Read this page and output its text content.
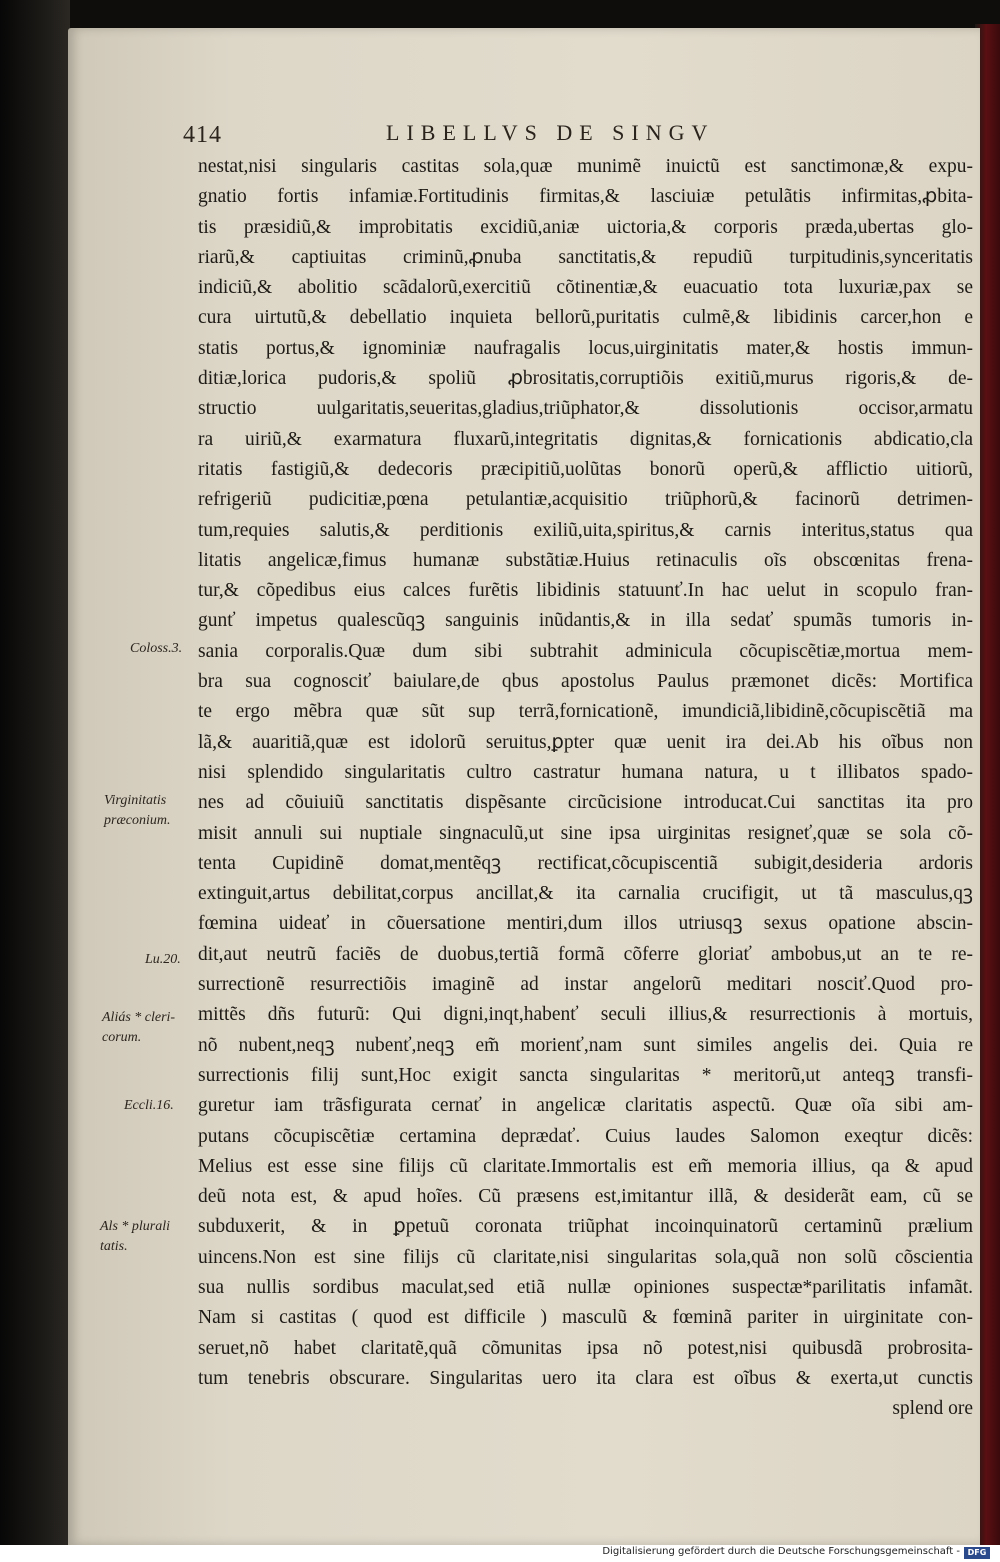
414	LIBELLVS DE SINGV
Coloss.3.
Virginitatis
præconium.
Lu.20.
Aliás * cleri-
corum.
Eccli.16.
Als * plurali
tatis.
nestat,nisi singularis castitas sola,quæ munimẽ inuictũ est sanctimonæ,& expu-
gnatio fortis infamiæ.Fortitudinis firmitas,& lasciuiæ petulãtis infirmitas,ꝓbita-
tis præsidiũ,& improbitatis excidiũ,aniæ uictoria,& corporis præda,ubertas glo-
riarũ,& captiuitas criminũ,ꝓnuba sanctitatis,& repudiũ turpitudinis,synceritatis
indiciũ,& abolitio scãdalorũ,exercitiũ cõtinentiæ,& euacuatio tota luxuriæ,pax se
cura uirtutũ,& debellatio inquieta bellorũ,puritatis culmẽ,& libidinis carcer,hon e
statis portus,& ignominiæ naufragalis locus,uirginitatis mater,& hostis immun-
ditiæ,lorica pudoris,& spoliũ ꝓbrositatis,corruptiõis exitiũ,murus rigoris,& de-
structio uulgaritatis,seueritas,gladius,triũphator,& dissolutionis occisor,armatu
ra uiriũ,& exarmatura fluxarũ,integritatis dignitas,& fornicationis abdicatio,cla
ritatis fastigiũ,& dedecoris præcipitiũ,uolũtas bonorũ operũ,& afflictio uitiorũ,
refrigeriũ pudicitiæ,pœna petulantiæ,acquisitio triũphorũ,& facinorũ detrimen-
tum,requies salutis,& perditionis exiliũ,uita,spiritus,& carnis interitus,status qua
litatis angelicæ,fimus humanæ substãtiæ.Huius retinaculis oĩs obscœnitas frena-
tur,& cõpedibus eius calces furẽtis libidinis statuunť.In hac uelut in scopulo fran-
gunť impetus qualescũqꝫ sanguinis inũdantis,& in illa sedať spumãs tumoris in-
sania corporalis.Quæ dum sibi subtrahit adminicula cõcupiscẽtiæ,mortua mem-
bra sua cognosciť baiulare,de qbus apostolus Paulus præmonet dicẽs: Mortifica
te ergo mẽbra quæ sũt sup terrã,fornicationẽ, imundiciã,libidinẽ,cõcupiscẽtiã ma
lã,& auaritiã,quæ est idolorũ seruitus,ꝑpter quæ uenit ira dei.Ab his oĩbus non
nisi splendido singularitatis cultro castratur humana natura, u t illibatos spado-
nes ad cõuiuiũ sanctitatis dispẽsante circũcisione introducat.Cui sanctitas ita pro
misit annuli sui nuptiale singnaculũ,ut sine ipsa uirginitas resigneť,quæ se sola cõ-
tenta Cupidinẽ domat,mentẽqꝫ rectificat,cõcupiscentiã subigit,desideria ardoris
extinguit,artus debilitat,corpus ancillat,& ita carnalia crucifigit, ut tã masculus,qꝫ
fœmina uideať in cõuersatione mentiri,dum illos utriusqꝫ sexus opatione abscin-
dit,aut neutrũ faciẽs de duobus,tertiã formã cõferre gloriať ambobus,ut an te re-
surrectionẽ resurrectiõis imaginẽ ad instar angelorũ meditari nosciť.Quod pro-
mittẽs dñs futurũ: Qui digni,inqt,habenť seculi illius,& resurrectionis à mortuis,
nõ nubent,neqꝫ nubenť,neqꝫ em̃ morienť,nam sunt similes angelis dei. Quia re
surrectionis filij sunt,Hoc exigit sancta singularitas * meritorũ,ut anteqꝫ transfi-
guretur iam trãsfigurata cernať in angelicæ claritatis aspectũ. Quæ oĩa sibi am-
putans cõcupiscẽtiæ certamina deprædať. Cuius laudes Salomon exeqtur dicẽs:
Melius est esse sine filijs cũ claritate.Immortalis est em̃ memoria illius, qa & apud
deũ nota est, & apud hoĩes. Cũ præsens est,imitantur illã, & desiderãt eam, cũ se
subduxerit, & in ꝑpetuũ coronata triũphat incoinquinatorũ certaminũ prælium
uincens.Non est sine filijs cũ claritate,nisi singularitas sola,quã non solũ cõscientia
sua nullis sordibus maculat,sed etiã nullæ opiniones suspectæ*parilitatis infamãt.
Nam si castitas ( quod est difficile ) masculũ & fœminã pariter in uirginitate con-
seruet,nõ habet claritatẽ,quã cõmunitas ipsa nõ potest,nisi quibusdã probrosita-
tum tenebris obscurare. Singularitas uero ita clara est oĩbus & exerta,ut cunctis
splend ore
Digitalisierung gefördert durch die Deutsche Forschungsgemeinschaft - DFG
